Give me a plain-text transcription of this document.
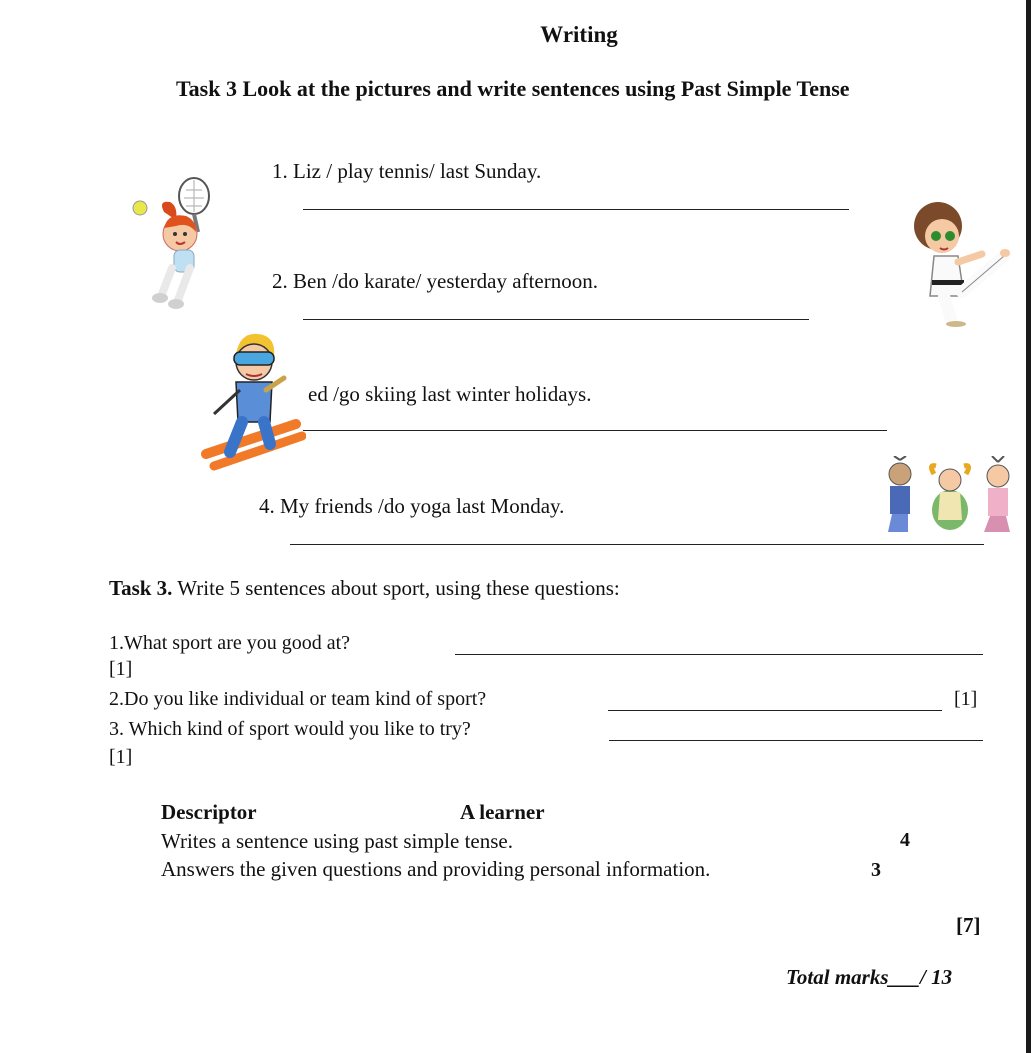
Writing
Task 3 Look at the pictures and write sentences using Past Simple Tense
1. Liz / play tennis/ last Sunday.
2. Ben /do karate/ yesterday afternoon.
ed /go skiing last winter holidays.
4. My friends /do yoga last Monday.
Task 3. Write 5 sentences about sport, using these questions:
1.What sport are you good at?
[1]
2.Do you like individual or team kind of sport?	[1]
3. Which kind of sport would you like to try?
[1]
Descriptor	A learner
Writes a sentence using past simple tense.	4
Answers the given questions and providing personal information.	3
[7]
Total marks___/ 13
